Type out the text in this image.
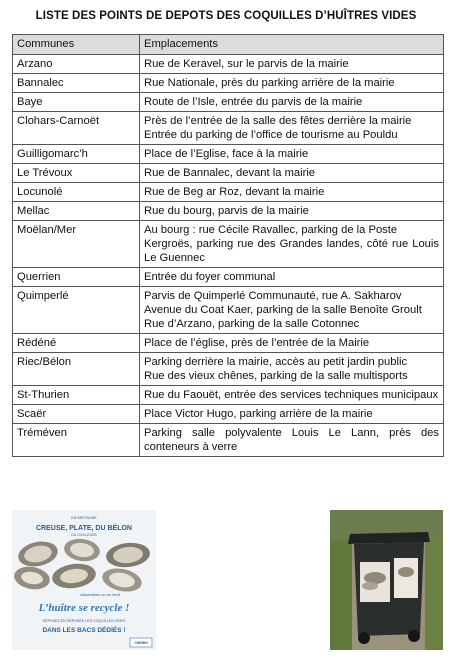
LISTE DES POINTS DE DEPOTS DES COQUILLES D’HUÎTRES VIDES
Communes	Emplacements
Arzano	Rue de Keravel, sur le parvis de la mairie

Bannalec	Rue Nationale, près du parking arrière de la mairie

Baye	Route de l’Isle, entrée du parvis de la mairie

Clohars-Carnoët	Près de l’entrée de la salle des fêtes derrière la mairie
Entrée du parking de l’office de tourisme au Pouldu

Guilligomarc’h	Place de l’Eglise, face à la mairie

Le Trévoux	Rue de Bannalec, devant la mairie

Locunolé	Rue de Beg ar Roz, devant la mairie

Mellac	Rue du bourg, parvis de la mairie

Moëlan/Mer	Au bourg : rue Cécile Ravallec, parking de la Poste
Kergroës, parking rue des Grandes landes, côté rue Louis Le Guennec

Querrien	Entrée du foyer communal

Quimperlé	Parvis de Quimperlé Communauté, rue A. Sakharov
Avenue du Coat Kaer, parking de la salle Benoîte Groult
Rue d’Arzano, parking de la salle Cotonnec

Rédéné	Place de l’église, près de l’entrée de la Mairie

Riec/Bélon	Parking derrière la mairie, accès au petit jardin public
Rue des vieux chênes, parking de la salle multisports

St-Thurien	Rue du Faouët, entrée des services techniques municipaux

Scaër	Place Victor Hugo, parking arrière de la mairie

Tréméven	Parking salle polyvalente Louis Le Lann, près des conteneurs à verre
EN BRETAGNE
CREUSE, PLATE, DU BÉLON
OU D’AILLEURS
Admirables ou en écrit
L’huître se recycle !
DÉPOSEZ EN DÉPOSÉE LES COQUILLES VIDES
DANS LES BACS DÉDIÉS !
CHEMIN
